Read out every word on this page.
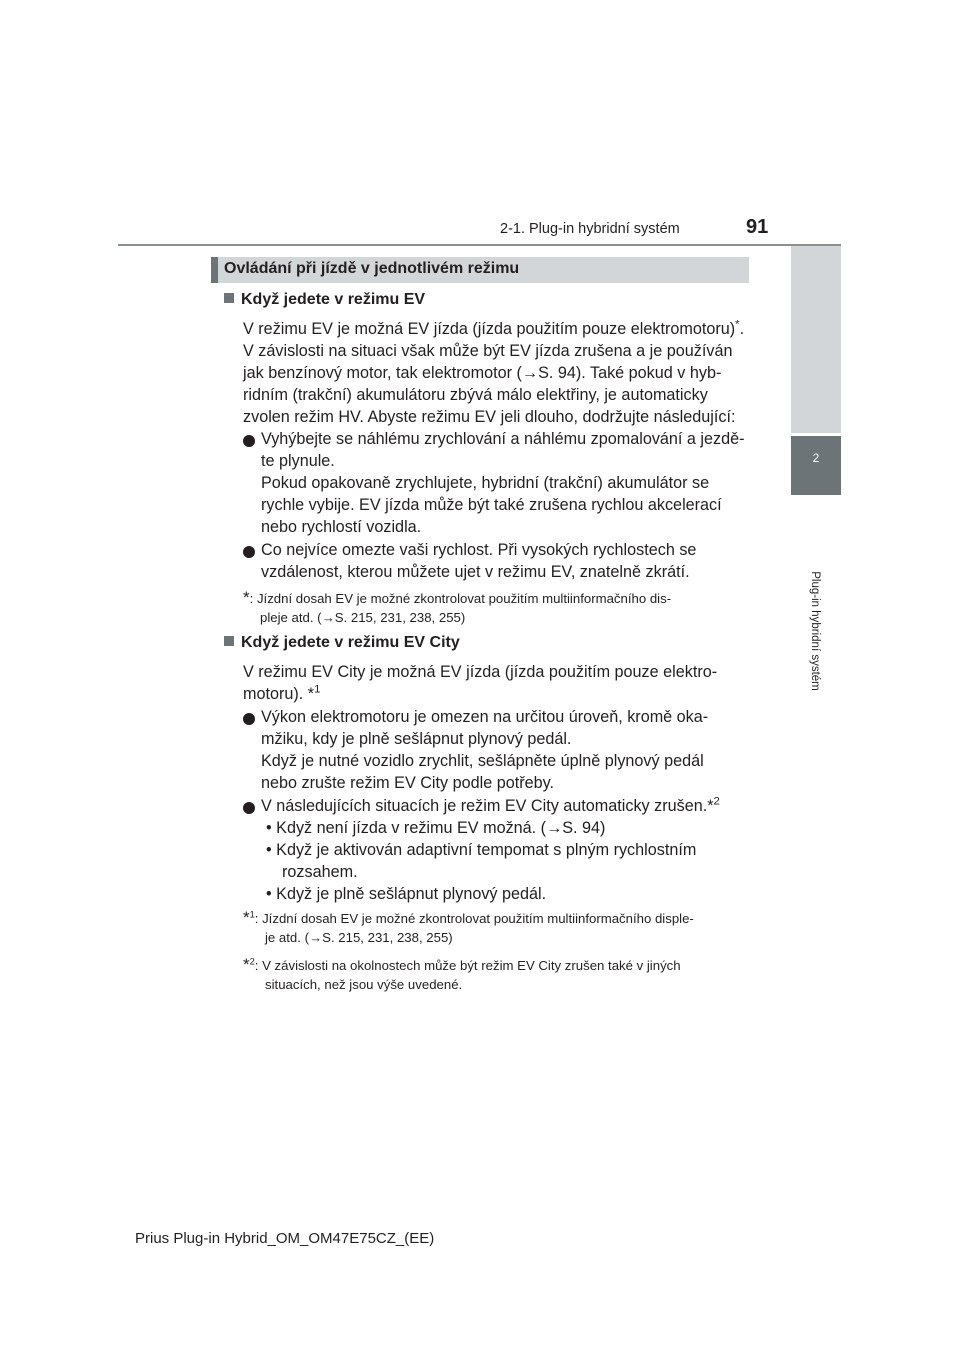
2-1. Plug-in hybridní systém	91
2
Plug-in hybridní systém
Ovládání při jízdě v jednotlivém režimu
Když jedete v režimu EV
V režimu EV je možná EV jízda (jízda použitím pouze elektromotoru)*.
V závislosti na situaci však může být EV jízda zrušena a je používán
jak benzínový motor, tak elektromotor (→S. 94). Také pokud v hyb-
ridním (trakční) akumulátoru zbývá málo elektřiny, je automaticky
zvolen režim HV. Abyste režimu EV jeli dlouho, dodržujte následující:
Vyhýbejte se náhlému zrychlování a náhlému zpomalování a jezdě-
te plynule.
Pokud opakovaně zrychlujete, hybridní (trakční) akumulátor se
rychle vybije. EV jízda může být také zrušena rychlou akcelerací
nebo rychlostí vozidla.
Co nejvíce omezte vaši rychlost. Při vysokých rychlostech se
vzdálenost, kterou můžete ujet v režimu EV, znatelně zkrátí.
*: Jízdní dosah EV je možné zkontrolovat použitím multiinformačního dis-
pleje atd. (→S. 215, 231, 238, 255)
Když jedete v režimu EV City
V režimu EV City je možná EV jízda (jízda použitím pouze elektro-
motoru). *$^1$
Výkon elektromotoru je omezen na určitou úroveň, kromě oka-
mžiku, kdy je plně sešlápnut plynový pedál.
Když je nutné vozidlo zrychlit, sešlápněte úplně plynový pedál
nebo zrušte režim EV City podle potřeby.
V následujících situacích je režim EV City automaticky zrušen.*$^2$
• Když není jízda v režimu EV možná. (→S. 94)
• Když je aktivován adaptivní tempomat s plným rychlostním
rozsahem.
• Když je plně sešlápnut plynový pedál.
*$^1$: Jízdní dosah EV je možné zkontrolovat použitím multiinformačního disple-
je atd. (→S. 215, 231, 238, 255)
*$^2$: V závislosti na okolnostech může být režim EV City zrušen také v jiných
situacích, než jsou výše uvedené.
Prius Plug-in Hybrid_OM_OM47E75CZ_(EE)
